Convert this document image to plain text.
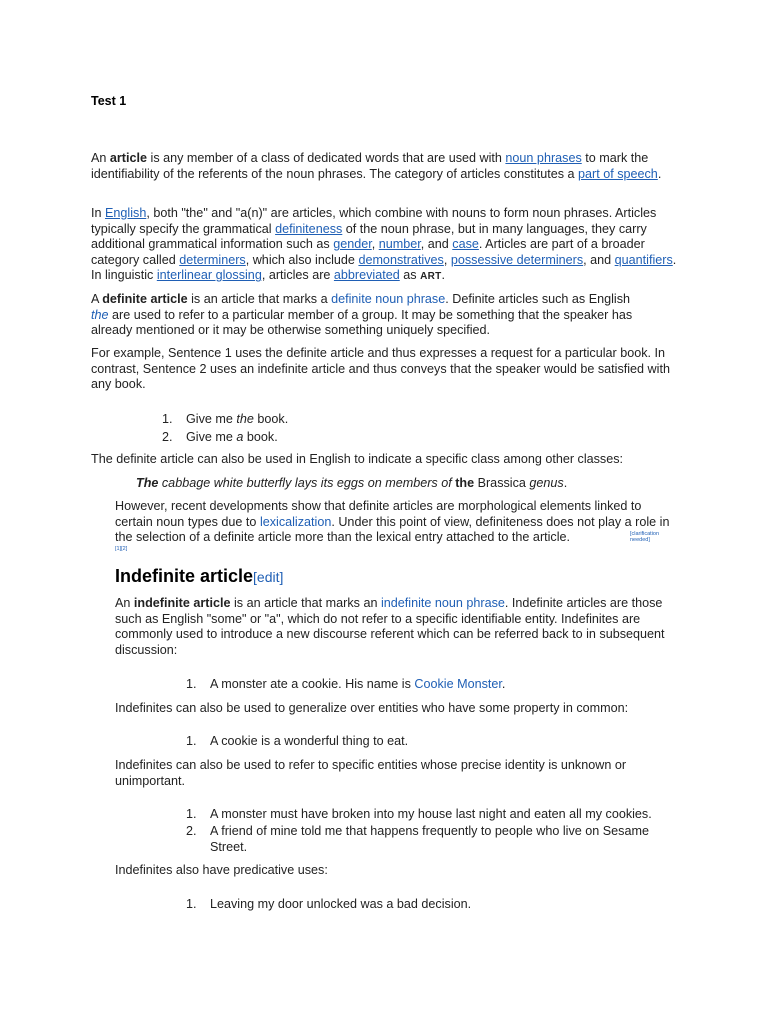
Test 1

An article is any member of a class of dedicated words that are used with noun phrases to mark the identifiability of the referents of the noun phrases. The category of articles constitutes a part of speech.

In English, both "the" and "a(n)" are articles, which combine with nouns to form noun phrases. Articles typically specify the grammatical definiteness of the noun phrase, but in many languages, they carry additional grammatical information such as gender, number, and case. Articles are part of a broader category called determiners, which also include demonstratives, possessive determiners, and quantifiers. In linguistic interlinear glossing, articles are abbreviated as ART.

A definite article is an article that marks a definite noun phrase. Definite articles such as English the are used to refer to a particular member of a group. It may be something that the speaker has already mentioned or it may be otherwise something uniquely specified.

For example, Sentence 1 uses the definite article and thus expresses a request for a particular book. In contrast, Sentence 2 uses an indefinite article and thus conveys that the speaker would be satisfied with any book.

1. Give me the book.
2. Give me a book.

The definite article can also be used in English to indicate a specific class among other classes:

The cabbage white butterfly lays its eggs on members of the Brassica genus.

However, recent developments show that definite articles are morphological elements linked to certain noun types due to lexicalization. Under this point of view, definiteness does not play a role in the selection of a definite article more than the lexical entry attached to the article.	[clarification needed]
[1][2]
Indefinite article[edit]

An indefinite article is an article that marks an indefinite noun phrase. Indefinite articles are those such as English "some" or "a", which do not refer to a specific identifiable entity. Indefinites are commonly used to introduce a new discourse referent which can be referred back to in subsequent discussion:

1. A monster ate a cookie. His name is Cookie Monster.

Indefinites can also be used to generalize over entities who have some property in common:

1. A cookie is a wonderful thing to eat.

Indefinites can also be used to refer to specific entities whose precise identity is unknown or unimportant.

1. A monster must have broken into my house last night and eaten all my cookies.
2.	A friend of mine told me that happens frequently to people who live on Sesame Street.

Indefinites also have predicative uses:

1. Leaving my door unlocked was a bad decision.
